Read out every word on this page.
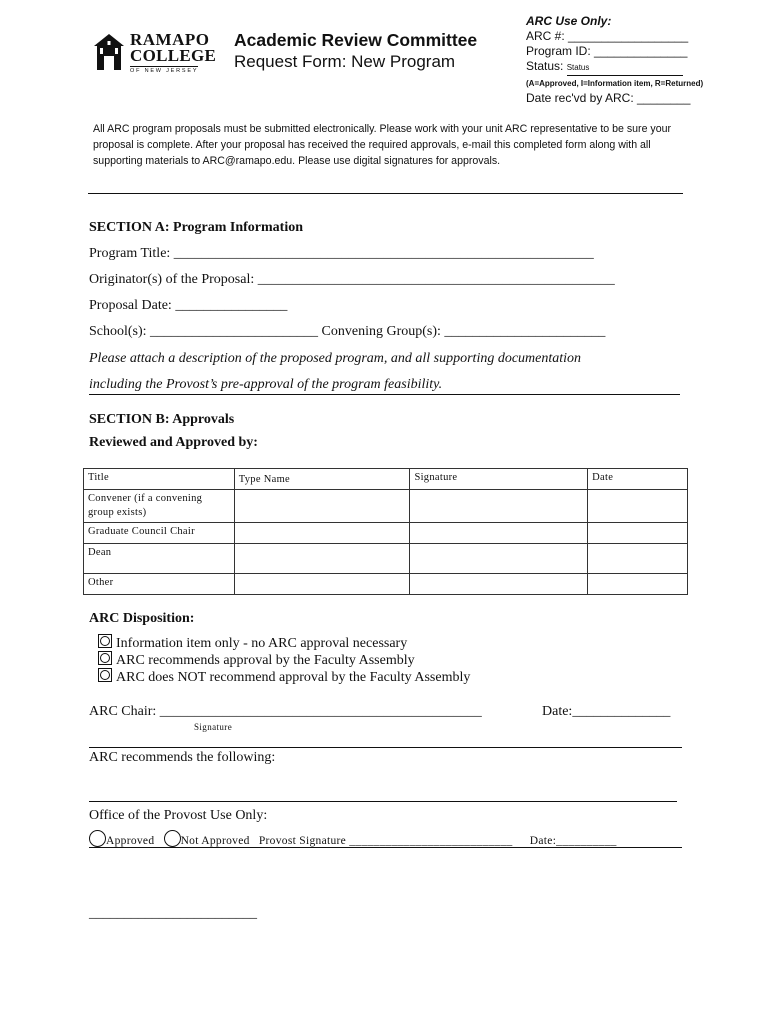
RAMAPO
COLLEGE
OF NEW JERSEY
Academic Review Committee
Request Form: New Program
ARC Use Only:
ARC #: __________________
Program ID: ______________
Status: Status
(A=Approved, I=Information item, R=Returned)
Date rec'vd by ARC: ________
All ARC program proposals must be submitted electronically. Please work with your unit ARC representative to be sure your proposal is complete. After your proposal has received the required approvals, e-mail this completed form along with all supporting materials to ARC@ramapo.edu. Please use digital signatures for approvals.
SECTION A: Program Information
Program Title: ____________________________________________________________
Originator(s) of the Proposal: ___________________________________________________
Proposal Date: ________________
School(s): ________________________ Convening Group(s): _______________________
Please attach a description of the proposed program, and all supporting documentation
including the Provost’s pre-approval of the program feasibility.
SECTION B: Approvals
Reviewed and Approved by:
Title	Type Name	Signature	Date
Convener (if a convening group exists)			
Graduate Council Chair			
Dean			
Other			
ARC Disposition:
Information item only - no ARC approval necessary
ARC recommends approval by the Faculty Assembly
ARC does NOT recommend approval by the Faculty Assembly
ARC Chair: ______________________________________________	Date:______________
Signature
ARC recommends the following:
Office of the Provost Use Only:
Approved Not Approved Provost Signature ___________________________ Date:__________
________________________
